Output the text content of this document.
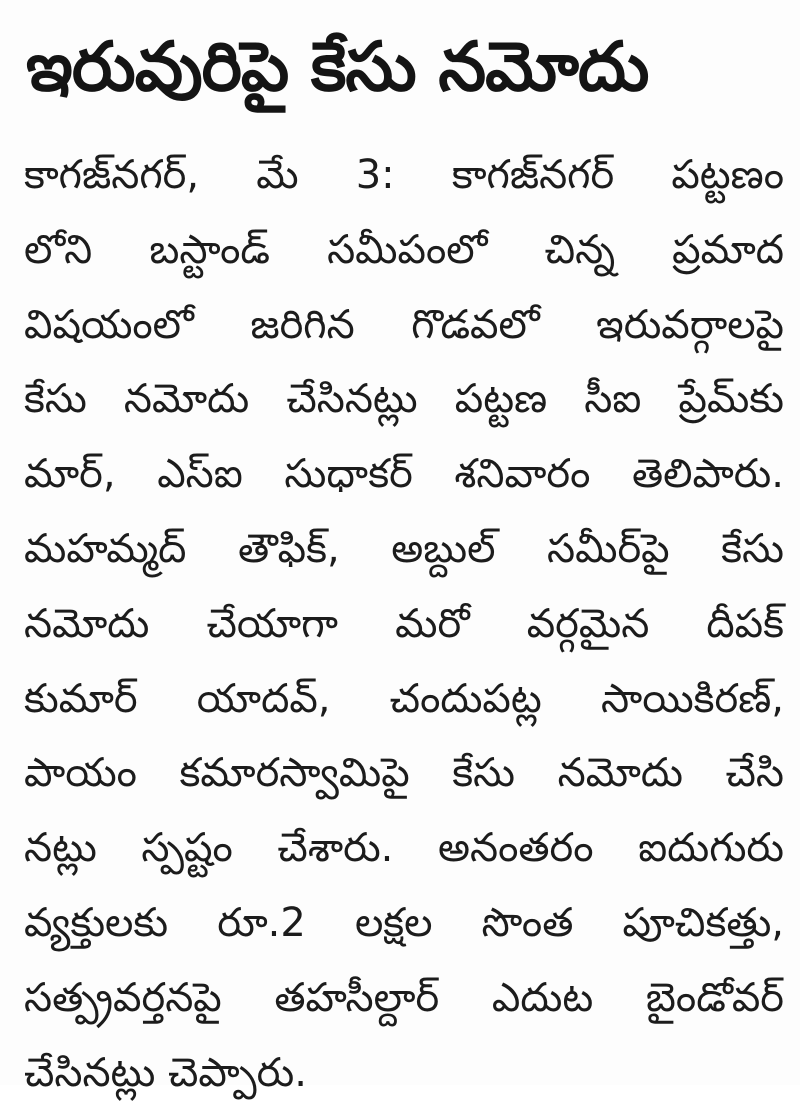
ఇరువురిపై కేసు నమోదు
కాగజ్‌నగర్, మే 3: కాగజ్‌నగర్ పట్టణం
లోని బస్టాండ్ సమీపంలో చిన్న ప్రమాద
విషయంలో జరిగిన గొడవలో ఇరువర్గాలపై
కేసు నమోదు చేసినట్లు పట్టణ సీఐ ప్రేమ్‌కు
మార్, ఎస్ఐ సుధాకర్ శనివారం తెలిపారు.
మహమ్మద్ తౌఫిక్, అబ్దుల్ సమీర్‌పై కేసు
నమోదు చేయాగా మరో వర్గమైన దీపక్
కుమార్ యాదవ్, చందుపట్ల సాయికిరణ్,
పాయం కమారస్వామిపై కేసు నమోదు చేసి
నట్లు స్పష్టం చేశారు. అనంతరం ఐదుగురు
వ్యక్తులకు రూ.2 లక్షల సొంత పూచికత్తు,
సత్ప్రవర్తనపై తహసీల్దార్ ఎదుట బైండోవర్
చేసినట్లు చెప్పారు.
